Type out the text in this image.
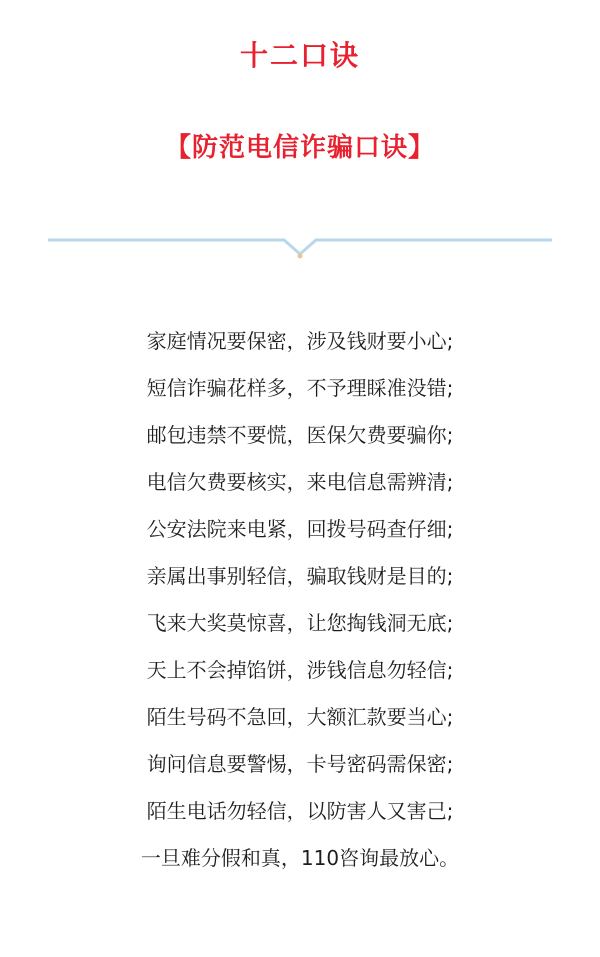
十二口诀
【防范电信诈骗口诀】
家庭情况要保密，涉及钱财要小心;
短信诈骗花样多，不予理睬准没错;
邮包违禁不要慌，医保欠费要骗你;
电信欠费要核实，来电信息需辨清;
公安法院来电紧，回拨号码查仔细;
亲属出事别轻信，骗取钱财是目的;
飞来大奖莫惊喜，让您掏钱洞无底;
天上不会掉馅饼，涉钱信息勿轻信;
陌生号码不急回，大额汇款要当心;
询问信息要警惕，卡号密码需保密;
陌生电话勿轻信，以防害人又害己;
一旦难分假和真，110咨询最放心。
